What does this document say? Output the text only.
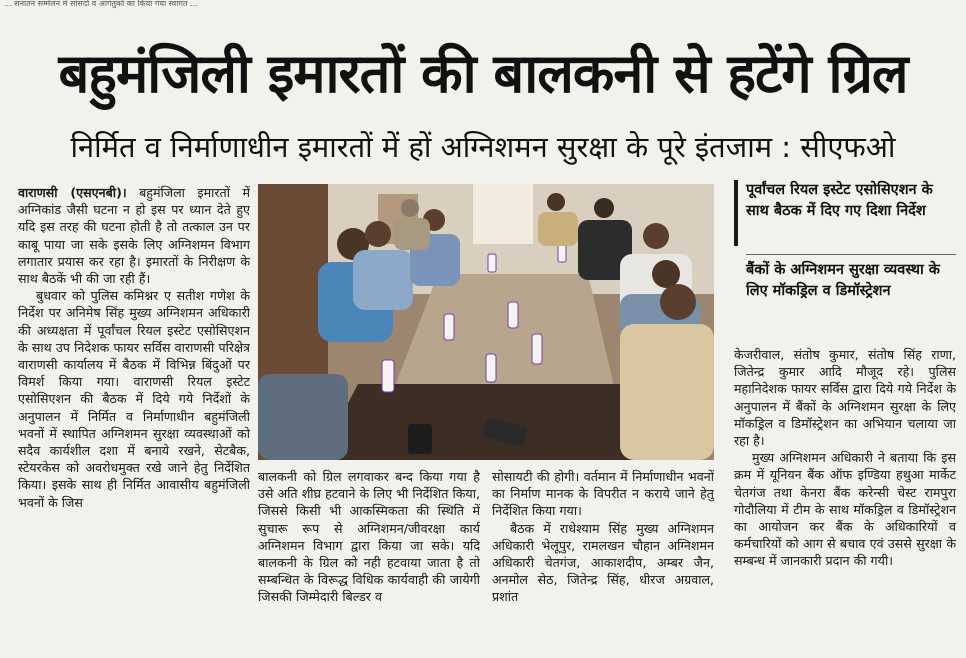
... सनातन सम्मेलन में सांसदों व आगंतुकों का किया गया स्वागत ...
बहुमंजिली इमारतों की बालकनी से हटेंगे ग्रिल
निर्मित व निर्माणाधीन इमारतों में हों अग्निशमन सुरक्षा के पूरे इंतजाम : सीएफओ

वाराणसी (एसएनबी)। बहुमंजिला इमारतों में अग्निकांड जैसी घटना न हो इस पर ध्यान देते हुए यदि इस तरह की घटना होती है तो तत्काल उन पर काबू पाया जा सके इसके लिए अग्निशमन विभाग लगातार प्रयास कर रहा है। इमारतों के निरीक्षण के साथ बैठकें भी की जा रही हैं।

बुधवार को पुलिस कमिश्नर ए सतीश गणेश के निर्देश पर अनिमेष सिंह मुख्य अग्निशमन अधिकारी की अध्यक्षता में पूर्वांचल रियल इस्टेट एसोसिएशन के साथ उप निदेशक फायर सर्विस वाराणसी परिक्षेत्र वाराणसी कार्यालय में बैठक में विभिन्न बिंदुओं पर विमर्श किया गया। वाराणसी रियल इस्टेट एसोसिएशन की बैठक में दिये गये निर्देशों के अनुपालन में निर्मित व निर्माणाधीन बहुमंजिली भवनों में स्थापित अग्निशमन सुरक्षा व्यवस्थाओं को सदैव कार्यशील दशा में बनाये रखने, सेटबैक, स्टेयरकेस को अवरोधमुक्त रखे जाने हेतु निर्देशित किया। इसके साथ ही निर्मित आवासीय बहुमंजिली भवनों के जिस

पूर्वांचल रियल इस्टेट एसोसिएशन के साथ बैठक में दिए गए दिशा निर्देश
बैंकों के अग्निशमन सुरक्षा व्यवस्था के लिए मॉकड्रिल व डिमॉस्ट्रेशन

बालकनी को ग्रिल लगवाकर बन्द किया गया है उसे अति शीघ्र हटवाने के लिए भी निर्देशित किया, जिससे किसी भी आकस्मिकता की स्थिति में सुचारू रूप से अग्निशमन/जीवरक्षा कार्य अग्निशमन विभाग द्वारा किया जा सके। यदि बालकनी के ग्रिल को नही हटवाया जाता है तो सम्बन्धित के विरूद्ध विधिक कार्यवाही की जायेगी जिसकी जिम्मेदारी बिल्डर व

सोसायटी की होगी। वर्तमान में निर्माणाधीन भवनों का निर्माण मानक के विपरीत न कराये जाने हेतु निर्देशित किया गया।

बैठक में राधेश्याम सिंह मुख्य अग्निशमन अधिकारी भेलूपुर, रामलखन चौहान अग्निशमन अधिकारी चेतगंज, आकाशदीप, अम्बर जैन, अनमोल सेठ, जितेन्द्र सिंह, धीरज अग्रवाल, प्रशांत

केजरीवाल, संतोष कुमार, संतोष सिंह राणा, जितेन्द्र कुमार आदि मौजूद रहे। पुलिस महानिदेशक फायर सर्विस द्वारा दिये गये निर्देश के अनुपालन में बैंकों के अग्निशमन सुरक्षा के लिए मॉकड्रिल व डिमॉस्ट्रेशन का अभियान चलाया जा रहा है।

मुख्य अग्निशमन अधिकारी ने बताया कि इस क्रम में यूनियन बैंक ऑफ इण्डिया हथुआ मार्केट चेतगंज तथा केनरा बैंक करेन्सी चेस्ट रामपुरा गोदौलिया में टीम के साथ मॉकड्रिल व डिमॉस्ट्रेशन का आयोजन कर बैंक के अधिकारियों व कर्मचारियों को आग से बचाव एवं उससे सुरक्षा के सम्बन्ध में जानकारी प्रदान की गयी।
